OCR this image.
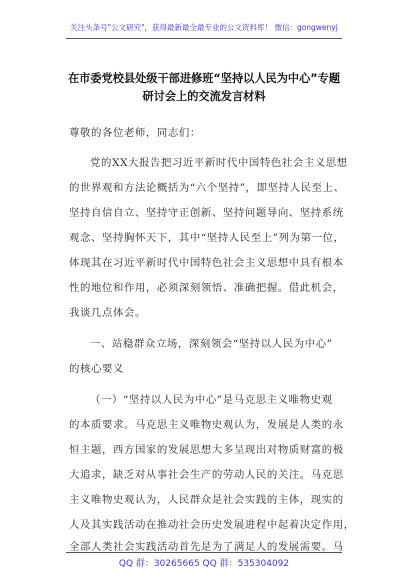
关注头条号"公文研究"，获得最新最全最专业的公文资料库！ 微信：gongwenyj
在市委党校县处级干部进修班“坚持以人民为中心”专题
研讨会上的交流发言材料
尊敬的各位老师，同志们：
党的XX大报告把习近平新时代中国特色社会主义思想
的世界观和方法论概括为“六个坚持”，即坚持人民至上、
坚持自信自立、坚持守正创新、坚持问题导向、坚持系统
观念、坚持胸怀天下，其中“坚持人民至上”列为第一位，
体现其在习近平新时代中国特色社会主义思想中具有根本
性的地位和作用，必须深刻领悟、准确把握。借此机会，
我谈几点体会。
一、站稳群众立场，深刻领会“坚持以人民为中心”
的核心要义
（一）“坚持以人民为中心”是马克思主义唯物史观
的本质要求。马克思主义唯物史观认为，发展是人类的永
恒主题，西方国家的发展思想大多呈现出对物质财富的极
大追求，缺乏对从事社会生产的劳动人民的关注。马克思
主义唯物史观认为，人民群众是社会实践的主体，现实的
人及其实践活动在推动社会历史发展进程中起着决定作用，
全部人类社会实践活动首先是为了满足人的发展需要。马
QQ 群：30265665 QQ 群：535304092
